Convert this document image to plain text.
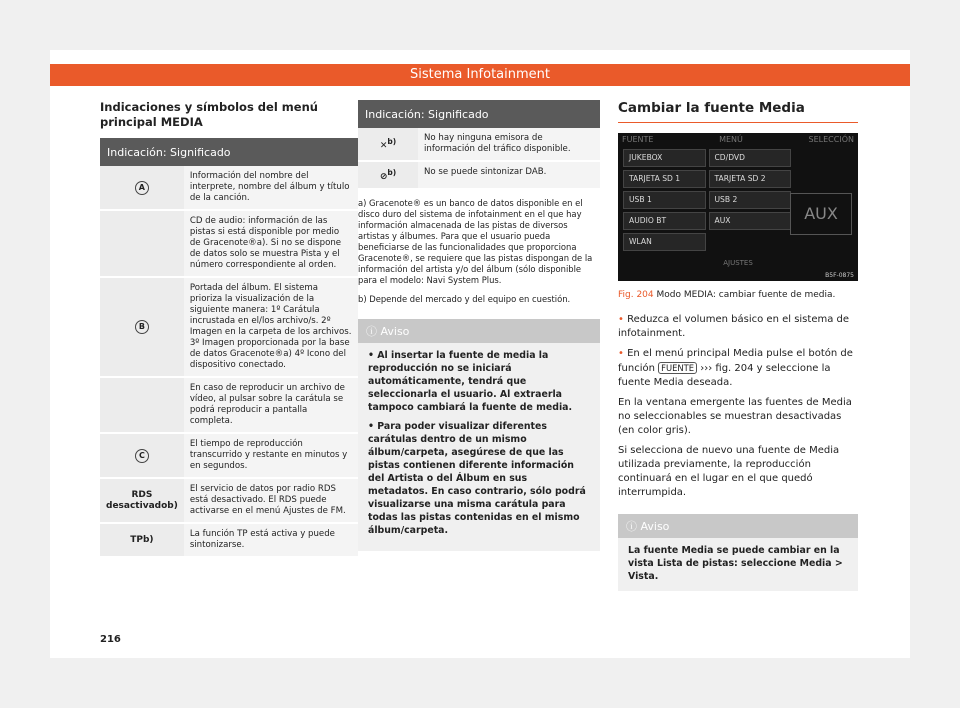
Sistema Infotainment
Indicaciones y símbolos del menú principal MEDIA
Indicación: Significado	
A	Información del nombre del interprete, nombre del álbum y título de la canción.
	CD de audio: información de las pistas si está disponible por medio de Gracenote®a). Si no se dispone de datos solo se muestra Pista y el número correspondiente al orden.
B	Portada del álbum. El sistema prioriza la visualización de la siguiente manera: 1º Carátula incrustada en el/los archivo/s. 2º Imagen en la carpeta de los archivos. 3º Imagen proporcionada por la base de datos Gracenote®a) 4º Icono del dispositivo conectado.
	En caso de reproducir un archivo de vídeo, al pulsar sobre la carátula se podrá reproducir a pantalla completa.
C	El tiempo de reproducción transcurrido y restante en minutos y en segundos.
RDS desactivadob)	El servicio de datos por radio RDS está desactivado. El RDS puede activarse en el menú Ajustes de FM.
TPb)	La función TP está activa y puede sintonizarse.
Indicación: Significado	
✕$^{b)}$	No hay ninguna emisora de información del tráfico disponible.
⊘$^{b)}$	No se puede sintonizar DAB.

a) Gracenote® es un banco de datos disponible en el disco duro del sistema de infotainment en el que hay información almacenada de las pistas de diversos artistas y álbumes. Para que el usuario pueda beneficiarse de las funcionalidades que proporciona Gracenote®, se requiere que las pistas dispongan de la información del artista y/o del álbum (sólo disponible para el modelo: Navi System Plus.

b) Depende del mercado y del equipo en cuestión.

ⓘ Aviso

• Al insertar la fuente de media la reproducción no se iniciará automáticamente, tendrá que seleccionarla el usuario. Al extraerla tampoco cambiará la fuente de media.

• Para poder visualizar diferentes carátulas dentro de un mismo álbum/carpeta, asegúrese de que las pistas contienen diferente información del Artista o del Álbum en sus metadatos. En caso contrario, sólo podrá visualizarse una misma carátula para todas las pistas contenidas en el mismo álbum/carpeta.

Cambiar la fuente Media
FUENTE	MENÚ	SELECCIÓN
JUKEBOX	CD/DVD
TARJETA SD 1	TARJETA SD 2
USB 1	USB 2
AUDIO BT	AUX
WLAN
AUX
AJUSTES
B5F-0875
Fig. 204 Modo MEDIA: cambiar fuente de media.

• Reduzca el volumen básico en el sistema de infotainment.

• En el menú principal Media pulse el botón de función FUENTE ››› fig. 204 y seleccione la fuente Media deseada.

En la ventana emergente las fuentes de Media no seleccionables se muestran desactivadas (en color gris).

Si selecciona de nuevo una fuente de Media utilizada previamente, la reproducción continuará en el lugar en el que quedó interrumpida.

ⓘ Aviso
La fuente Media se puede cambiar en la vista Lista de pistas: seleccione Media > Vista.
216
